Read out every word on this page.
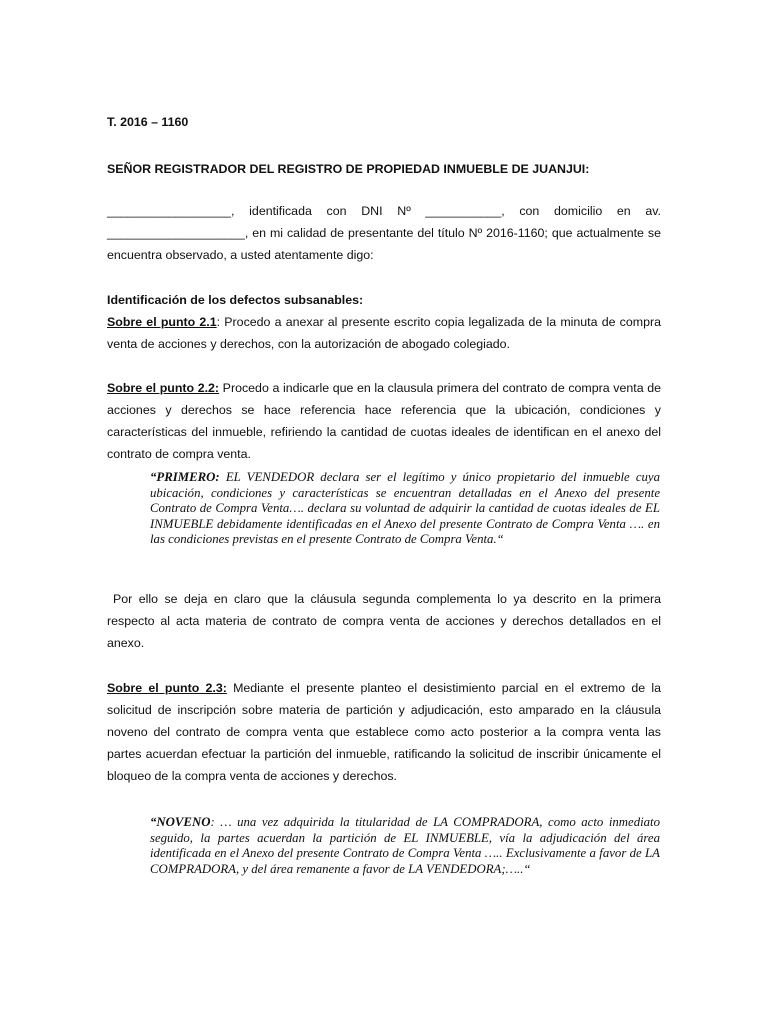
T. 2016 – 1160

SEÑOR REGISTRADOR DEL REGISTRO DE PROPIEDAD INMUEBLE DE JUANJUI:

__________________, identificada con DNI Nº ___________, con domicilio en av. ____________________, en mi calidad de presentante del título Nº 2016-1160; que actualmente se encuentra observado, a usted atentamente digo:

Identificación de los defectos subsanables:

Sobre el punto 2.1: Procedo a anexar al presente escrito copia legalizada de la minuta de compra venta de acciones y derechos, con la autorización de abogado colegiado.

Sobre el punto 2.2: Procedo a indicarle que en la clausula primera del contrato de compra venta de acciones y derechos se hace referencia hace referencia que la ubicación, condiciones y características del inmueble, refiriendo la cantidad de cuotas ideales de identifican en el anexo del contrato de compra venta.

“PRIMERO: EL VENDEDOR declara ser el legítimo y único propietario del inmueble cuya ubicación, condiciones y características se encuentran detalladas en el Anexo del presente Contrato de Compra Venta…. declara su voluntad de adquirir la cantidad de cuotas ideales de EL INMUEBLE debidamente identificadas en el Anexo del presente Contrato de Compra Venta …. en las condiciones previstas en el presente Contrato de Compra Venta.“

Por ello se deja en claro que la cláusula segunda complementa lo ya descrito en la primera respecto al acta materia de contrato de compra venta de acciones y derechos detallados en el anexo.

Sobre el punto 2.3: Mediante el presente planteo el desistimiento parcial en el extremo de la solicitud de inscripción sobre materia de partición y adjudicación, esto amparado en la cláusula noveno del contrato de compra venta que establece como acto posterior a la compra venta las partes acuerdan efectuar la partición del inmueble, ratificando la solicitud de inscribir únicamente el bloqueo de la compra venta de acciones y derechos.

“NOVENO: … una vez adquirida la titularidad de LA COMPRADORA, como acto inmediato seguido, la partes acuerdan la partición de EL INMUEBLE, vía la adjudicación del área identificada en el Anexo del presente Contrato de Compra Venta ….. Exclusivamente a favor de LA COMPRADORA, y del área remanente a favor de LA VENDEDORA;…..“
